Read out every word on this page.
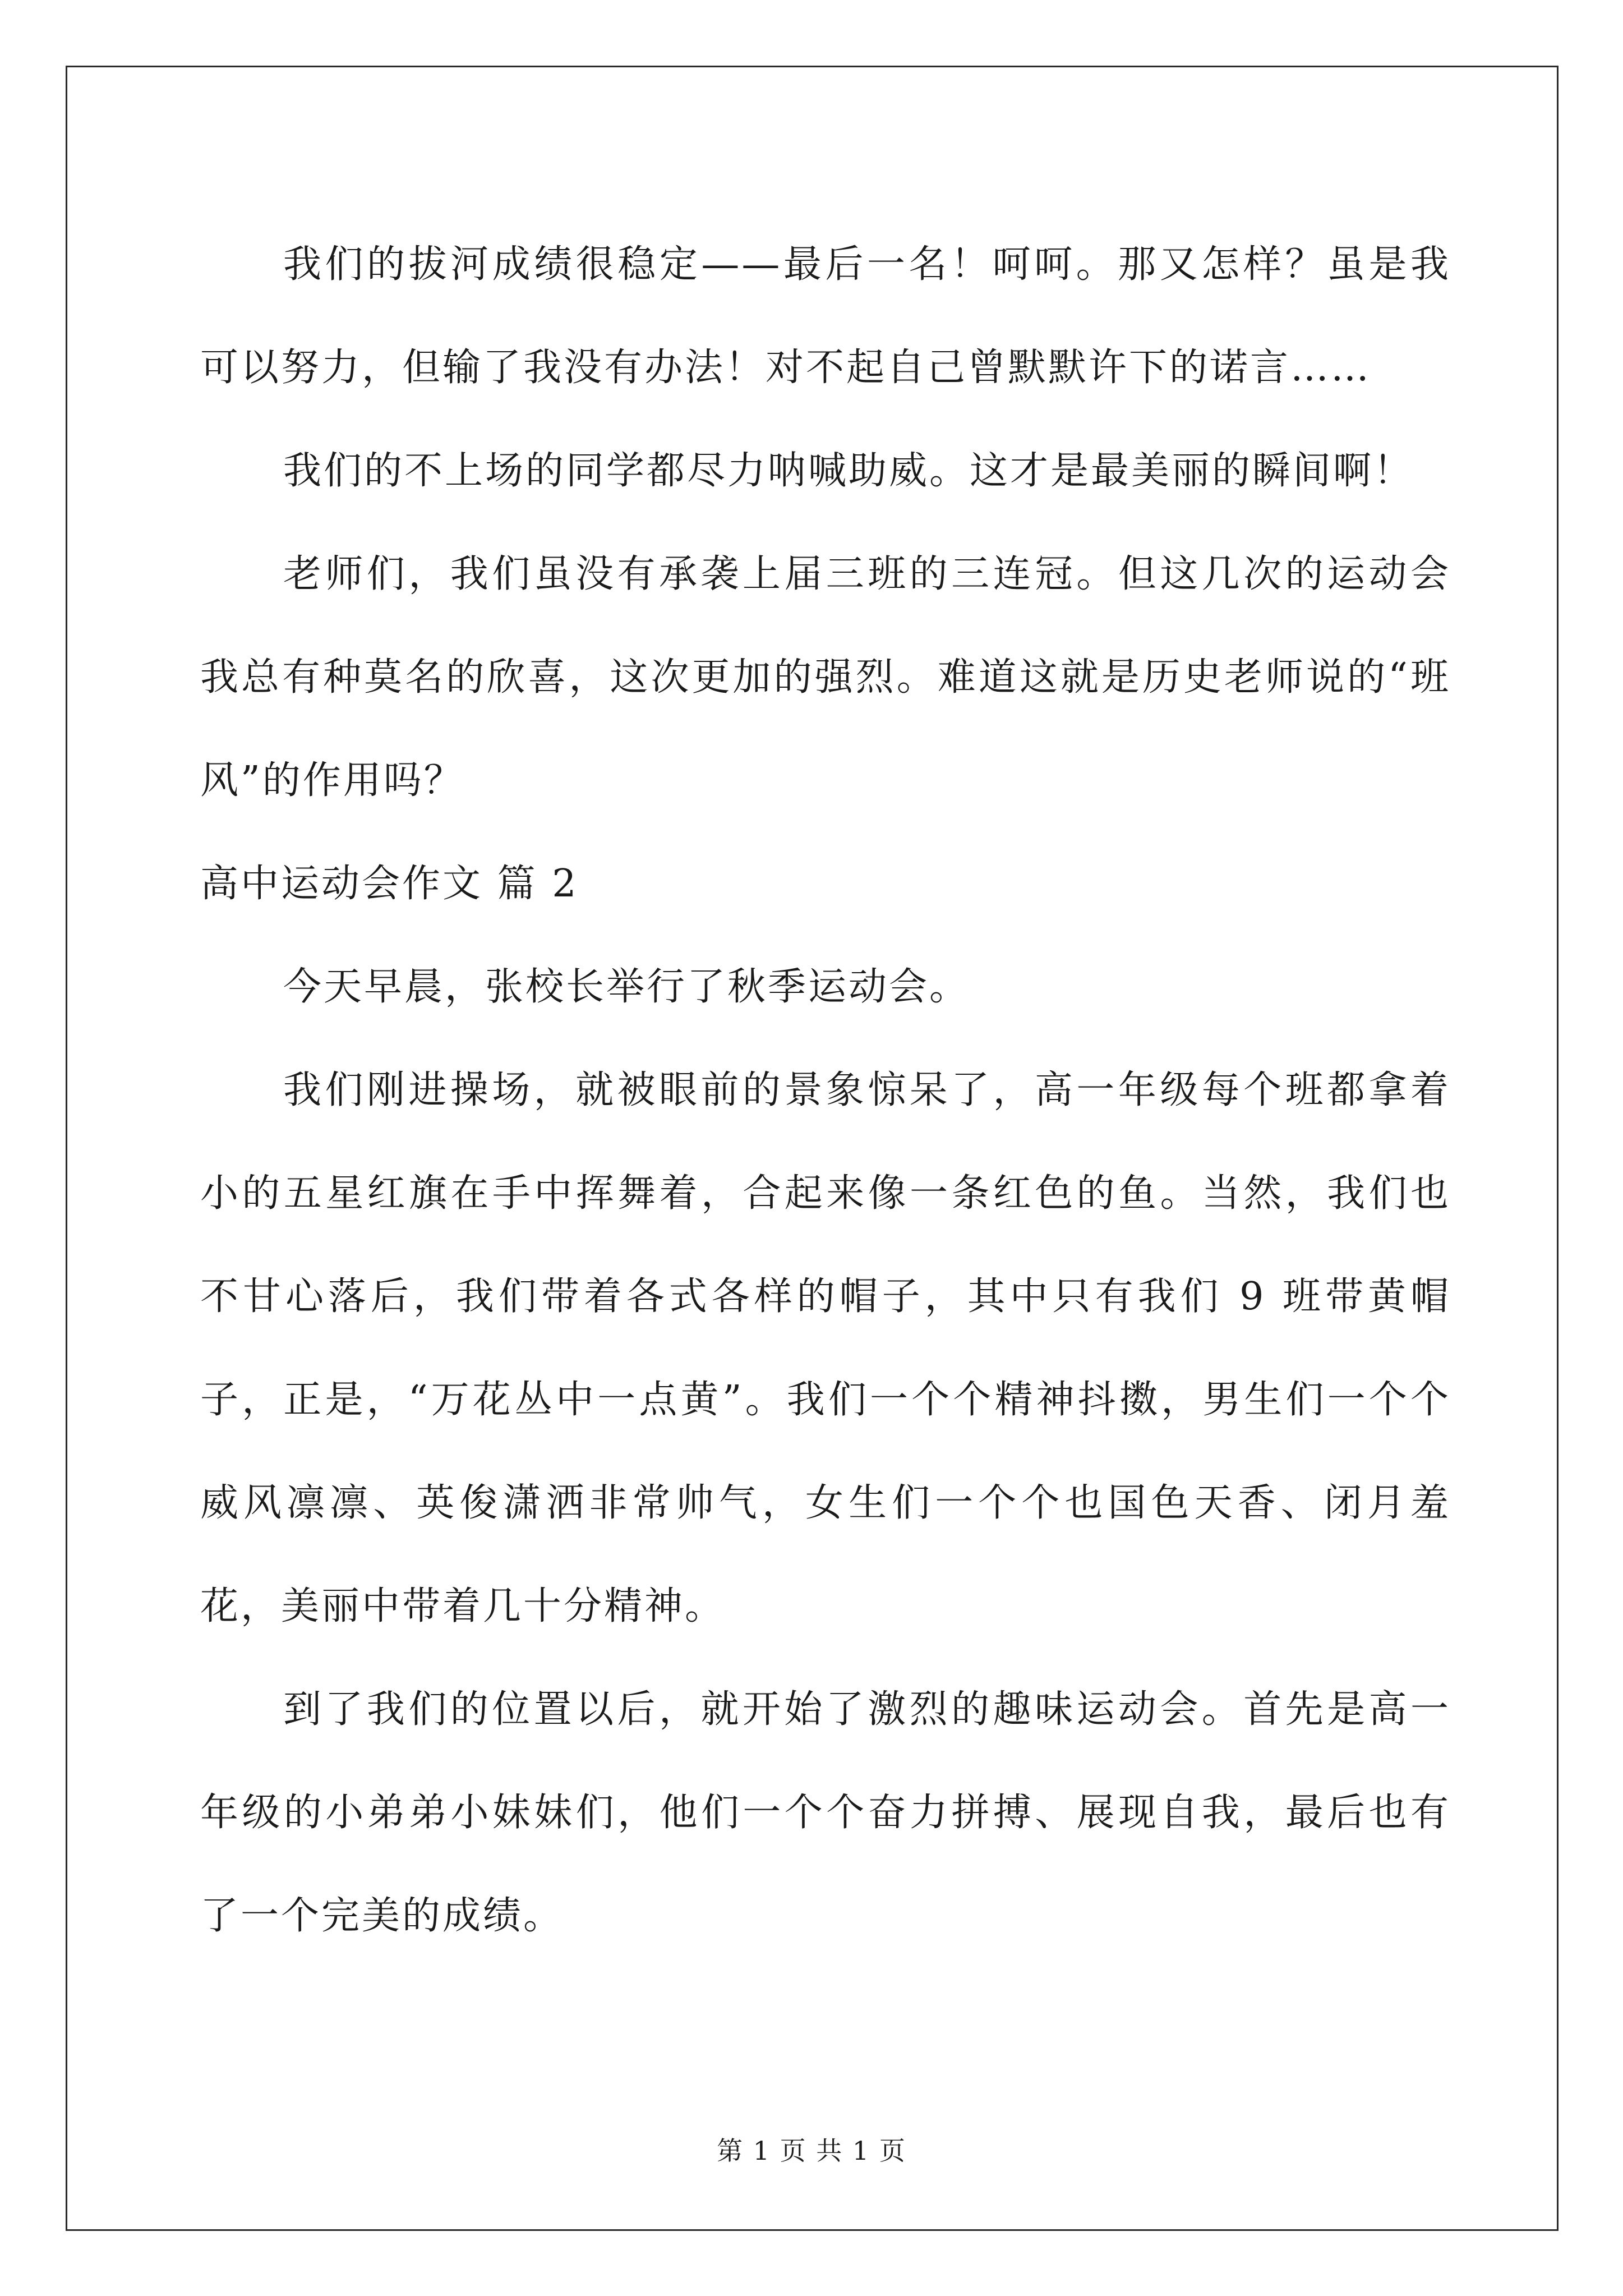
我们的拔河成绩很稳定——最后一名！呵呵。那又怎样？虽是我可以努力，但输了我没有办法！对不起自己曾默默许下的诺言……

我们的不上场的同学都尽力呐喊助威。这才是最美丽的瞬间啊！

老师们，我们虽没有承袭上届三班的三连冠。但这几次的运动会我总有种莫名的欣喜，这次更加的强烈。难道这就是历史老师说的“班风”的作用吗？

高中运动会作文 篇 2

今天早晨，张校长举行了秋季运动会。

我们刚进操场，就被眼前的景象惊呆了，高一年级每个班都拿着小的五星红旗在手中挥舞着，合起来像一条红色的鱼。当然，我们也不甘心落后，我们带着各式各样的帽子，其中只有我们 9 班带黄帽子，正是，“万花丛中一点黄”。我们一个个精神抖擞，男生们一个个威风凛凛、英俊潇洒非常帅气，女生们一个个也国色天香、闭月羞花，美丽中带着几十分精神。

到了我们的位置以后，就开始了激烈的趣味运动会。首先是高一年级的小弟弟小妹妹们，他们一个个奋力拼搏、展现自我，最后也有了一个完美的成绩。

第 1 页 共 1 页
